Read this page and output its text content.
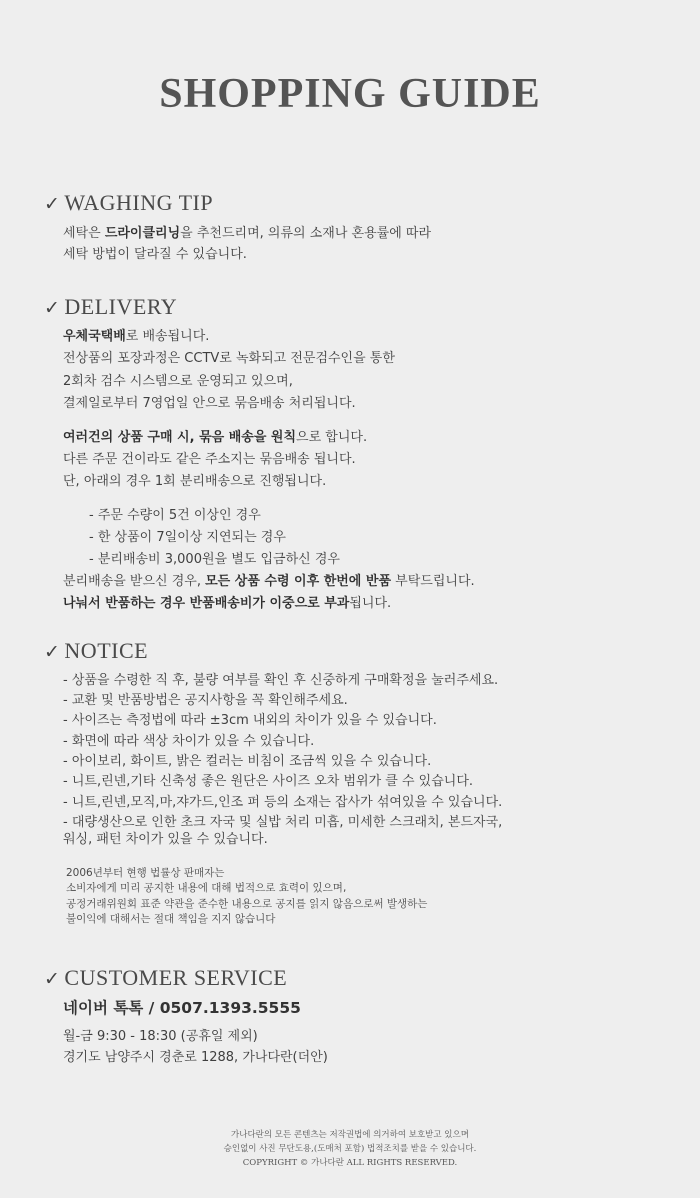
SHOPPING GUIDE
✓ WAGHING TIP
세탁은 드라이클리닝을 추천드리며, 의류의 소재나 혼용률에 따라
세탁 방법이 달라질 수 있습니다.
✓ DELIVERY
우체국택배로 배송됩니다.
전상품의 포장과정은 CCTV로 녹화되고 전문검수인을 통한
2회차 검수 시스템으로 운영되고 있으며,
결제일로부터 7영업일 안으로 묶음배송 처리됩니다.
여러건의 상품 구매 시, 묶음 배송을 원칙으로 합니다.
다른 주문 건이라도 같은 주소지는 묶음배송 됩니다.
단, 아래의 경우 1회 분리배송으로 진행됩니다.
- 주문 수량이 5건 이상인 경우
- 한 상품이 7일이상 지연되는 경우
- 분리배송비 3,000원을 별도 입금하신 경우
분리배송을 받으신 경우, 모든 상품 수령 이후 한번에 반품 부탁드립니다.
나눠서 반품하는 경우 반품배송비가 이중으로 부과됩니다.
✓ NOTICE
- 상품을 수령한 직 후, 불량 여부를 확인 후 신중하게 구매확정을 눌러주세요.
- 교환 및 반품방법은 공지사항을 꼭 확인해주세요.
- 사이즈는 측정법에 따라 ±3cm 내외의 차이가 있을 수 있습니다.
- 화면에 따라 색상 차이가 있을 수 있습니다.
- 아이보리, 화이트, 밝은 컬러는 비침이 조금씩 있을 수 있습니다.
- 니트,린넨,기타 신축성 좋은 원단은 사이즈 오차 범위가 클 수 있습니다.
- 니트,린넨,모직,마,쟈가드,인조 퍼 등의 소재는 잡사가 섞여있을 수 있습니다.
- 대량생산으로 인한 초크 자국 및 실밥 처리 미흡, 미세한 스크래치, 본드자국,
워싱, 패턴 차이가 있을 수 있습니다.
2006년부터 현행 법률상 판매자는
소비자에게 미리 공지한 내용에 대해 법적으로 효력이 있으며,
공정거래위원회 표준 약관을 준수한 내용으로 공지를 읽지 않음으로써 발생하는
불이익에 대해서는 절대 책임을 지지 않습니다
✓ CUSTOMER SERVICE
네이버 톡톡 / 0507.1393.5555
월-금 9:30 - 18:30 (공휴일 제외)
경기도 남양주시 경춘로 1288, 가나다란(더안)
가나다란의 모든 콘텐츠는 저작권법에 의거하여 보호받고 있으며
승인없이 사진 무단도용,(도매처 포함) 법적조치를 받을 수 있습니다.
COPYRIGHT © 가나다란 ALL RIGHTS RESERVED.
